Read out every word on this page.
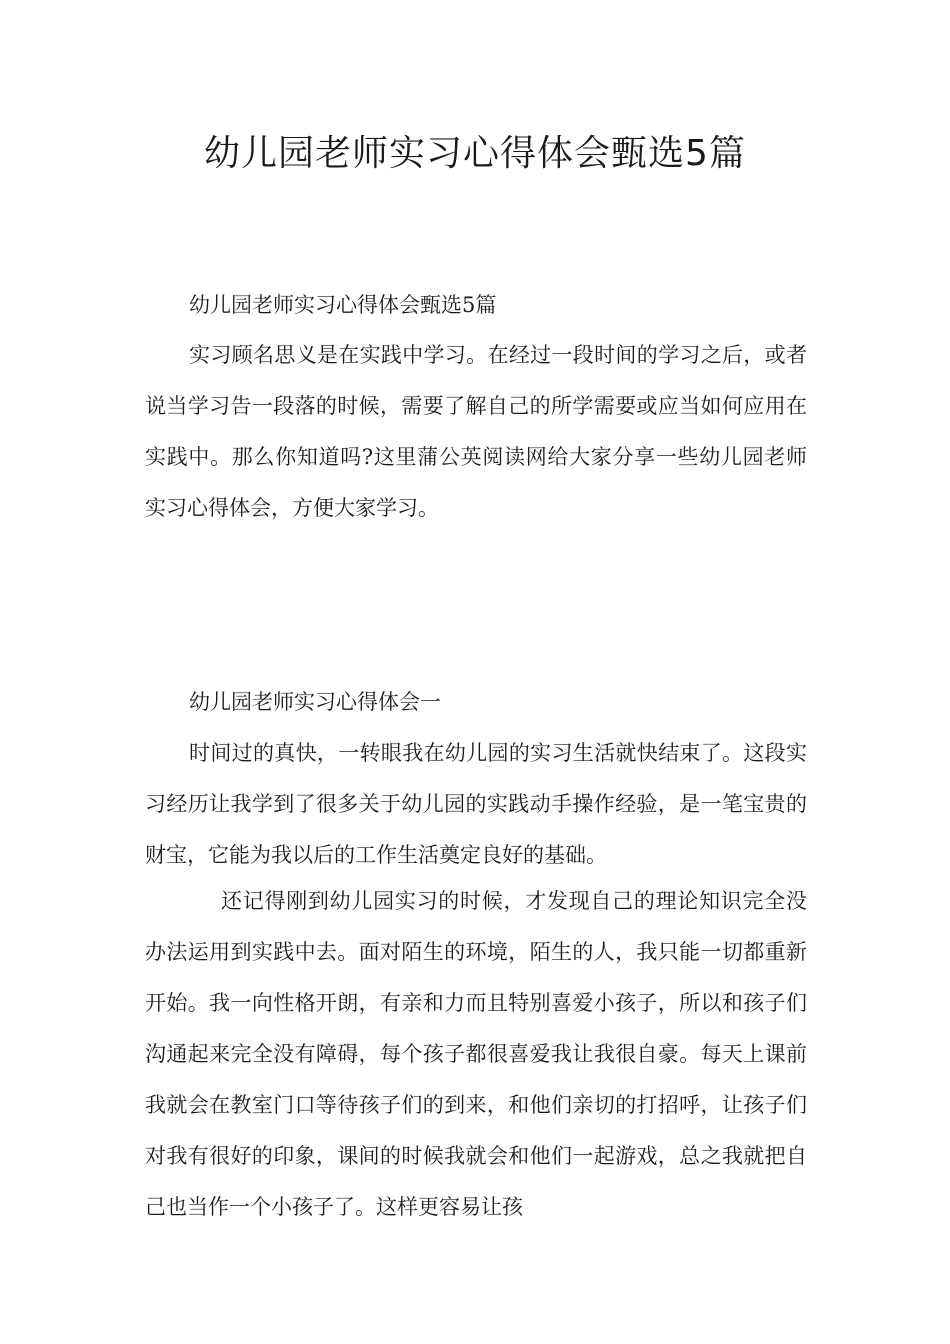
幼儿园老师实习心得体会甄选5篇

幼儿园老师实习心得体会甄选5篇

实习顾名思义是在实践中学习。在经过一段时间的学习之后，或者说当学习告一段落的时候，需要了解自己的所学需要或应当如何应用在实践中。那么你知道吗?这里蒲公英阅读网给大家分享一些幼儿园老师实习心得体会，方便大家学习。

幼儿园老师实习心得体会一

时间过的真快，一转眼我在幼儿园的实习生活就快结束了。这段实习经历让我学到了很多关于幼儿园的实践动手操作经验，是一笔宝贵的财宝，它能为我以后的工作生活奠定良好的基础。

还记得刚到幼儿园实习的时候，才发现自己的理论知识完全没办法运用到实践中去。面对陌生的环境，陌生的人，我只能一切都重新开始。我一向性格开朗，有亲和力而且特别喜爱小孩子，所以和孩子们沟通起来完全没有障碍，每个孩子都很喜爱我让我很自豪。每天上课前我就会在教室门口等待孩子们的到来，和他们亲切的打招呼，让孩子们对我有很好的印象，课间的时候我就会和他们一起游戏，总之我就把自己也当作一个小孩子了。这样更容易让孩
